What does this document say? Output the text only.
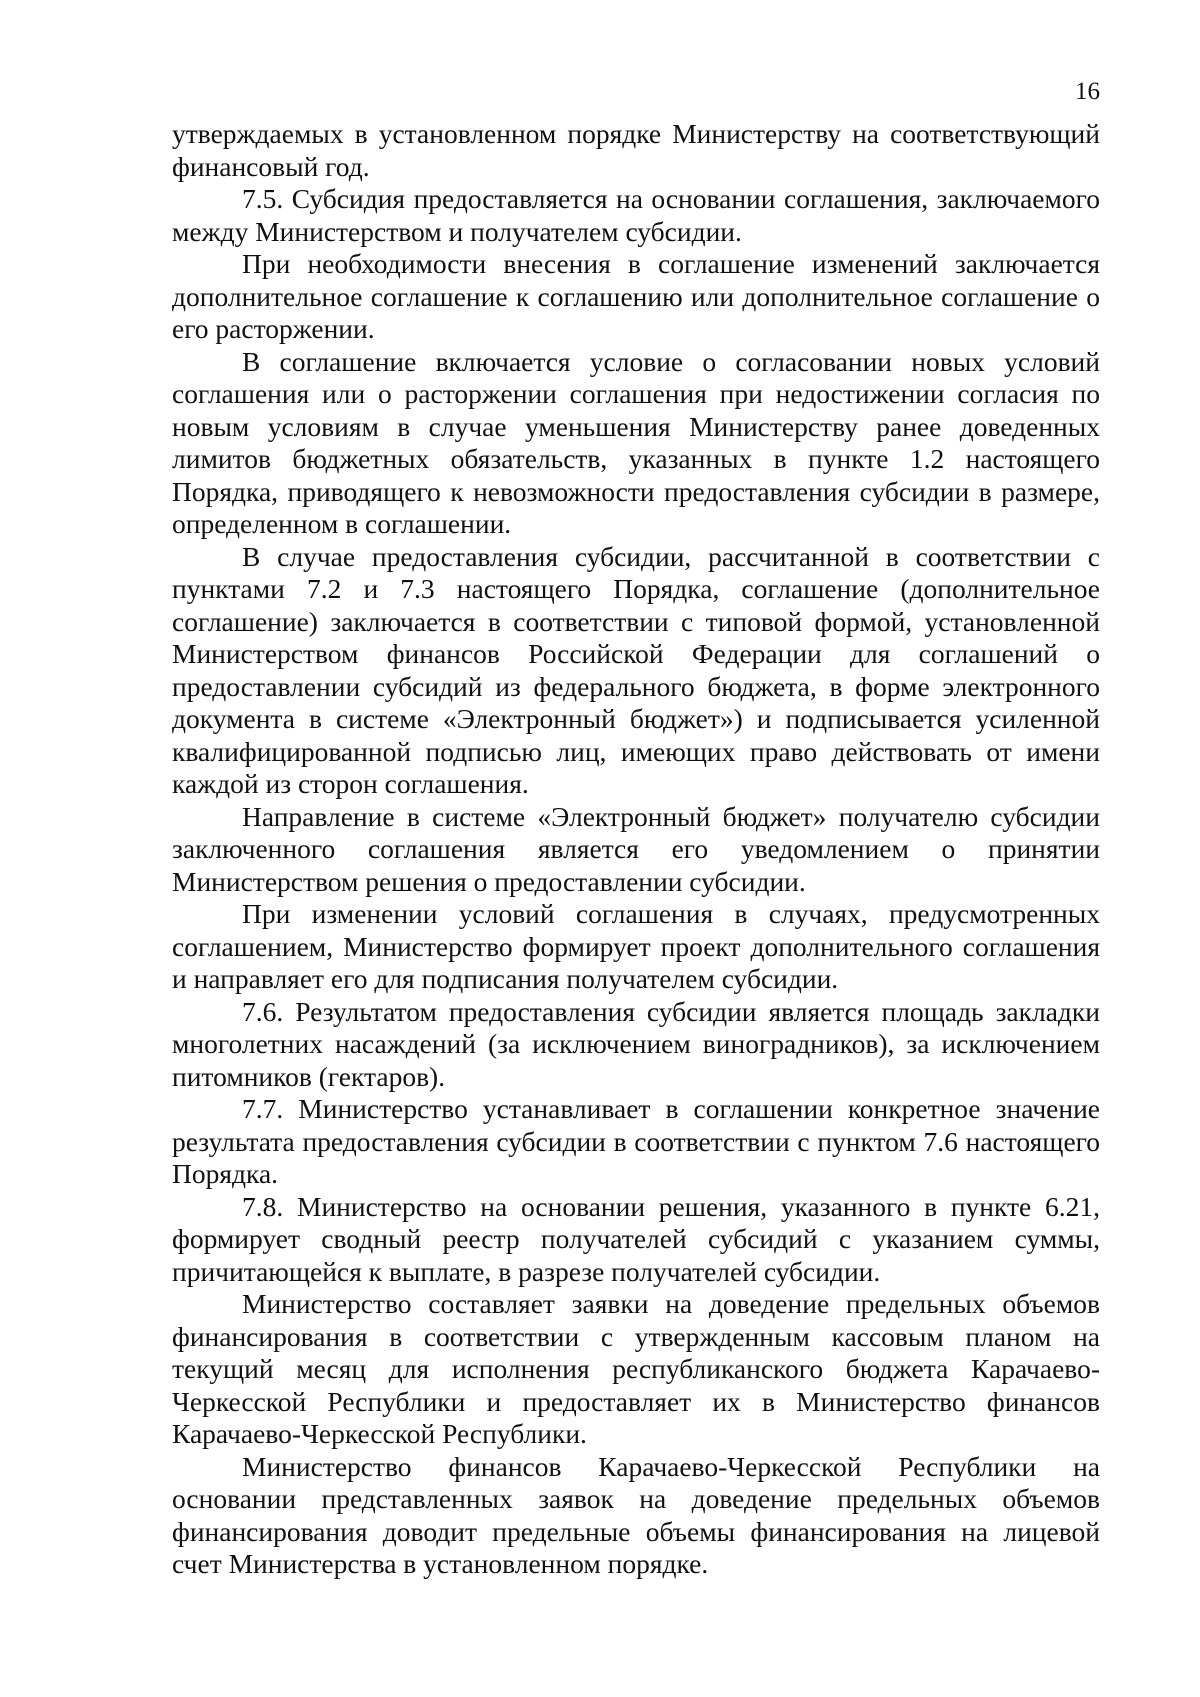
16

утверждаемых в установленном порядке Министерству на соответствующий финансовый год.

7.5. Субсидия предоставляется на основании соглашения, заключаемого между Министерством и получателем субсидии.

При необходимости внесения в соглашение изменений заключается дополнительное соглашение к соглашению или дополнительное соглашение о его расторжении.

В соглашение включается условие о согласовании новых условий соглашения или о расторжении соглашения при недостижении согласия по новым условиям в случае уменьшения Министерству ранее доведенных лимитов бюджетных обязательств, указанных в пункте 1.2 настоящего Порядка, приводящего к невозможности предоставления субсидии в размере, определенном в соглашении.

В случае предоставления субсидии, рассчитанной в соответствии с пунктами 7.2 и 7.3 настоящего Порядка, соглашение (дополнительное соглашение) заключается в соответствии с типовой формой, установленной Министерством финансов Российской Федерации для соглашений о предоставлении субсидий из федерального бюджета, в форме электронного документа в системе «Электронный бюджет») и подписывается усиленной квалифицированной подписью лиц, имеющих право действовать от имени каждой из сторон соглашения.

Направление в системе «Электронный бюджет» получателю субсидии заключенного соглашения является его уведомлением о принятии Министерством решения о предоставлении субсидии.

При изменении условий соглашения в случаях, предусмотренных соглашением, Министерство формирует проект дополнительного соглашения и направляет его для подписания получателем субсидии.

7.6. Результатом предоставления субсидии является площадь закладки многолетних насаждений (за исключением виноградников), за исключением питомников (гектаров).

7.7. Министерство устанавливает в соглашении конкретное значение результата предоставления субсидии в соответствии с пунктом 7.6 настоящего Порядка.

7.8. Министерство на основании решения, указанного в пункте 6.21, формирует сводный реестр получателей субсидий с указанием суммы, причитающейся к выплате, в разрезе получателей субсидии.

Министерство составляет заявки на доведение предельных объемов финансирования в соответствии с утвержденным кассовым планом на текущий месяц для исполнения республиканского бюджета Карачаево-Черкесской Республики и предоставляет их в Министерство финансов Карачаево-Черкесской Республики.

Министерство финансов Карачаево-Черкесской Республики на основании представленных заявок на доведение предельных объемов финансирования доводит предельные объемы финансирования на лицевой счет Министерства в установленном порядке.
